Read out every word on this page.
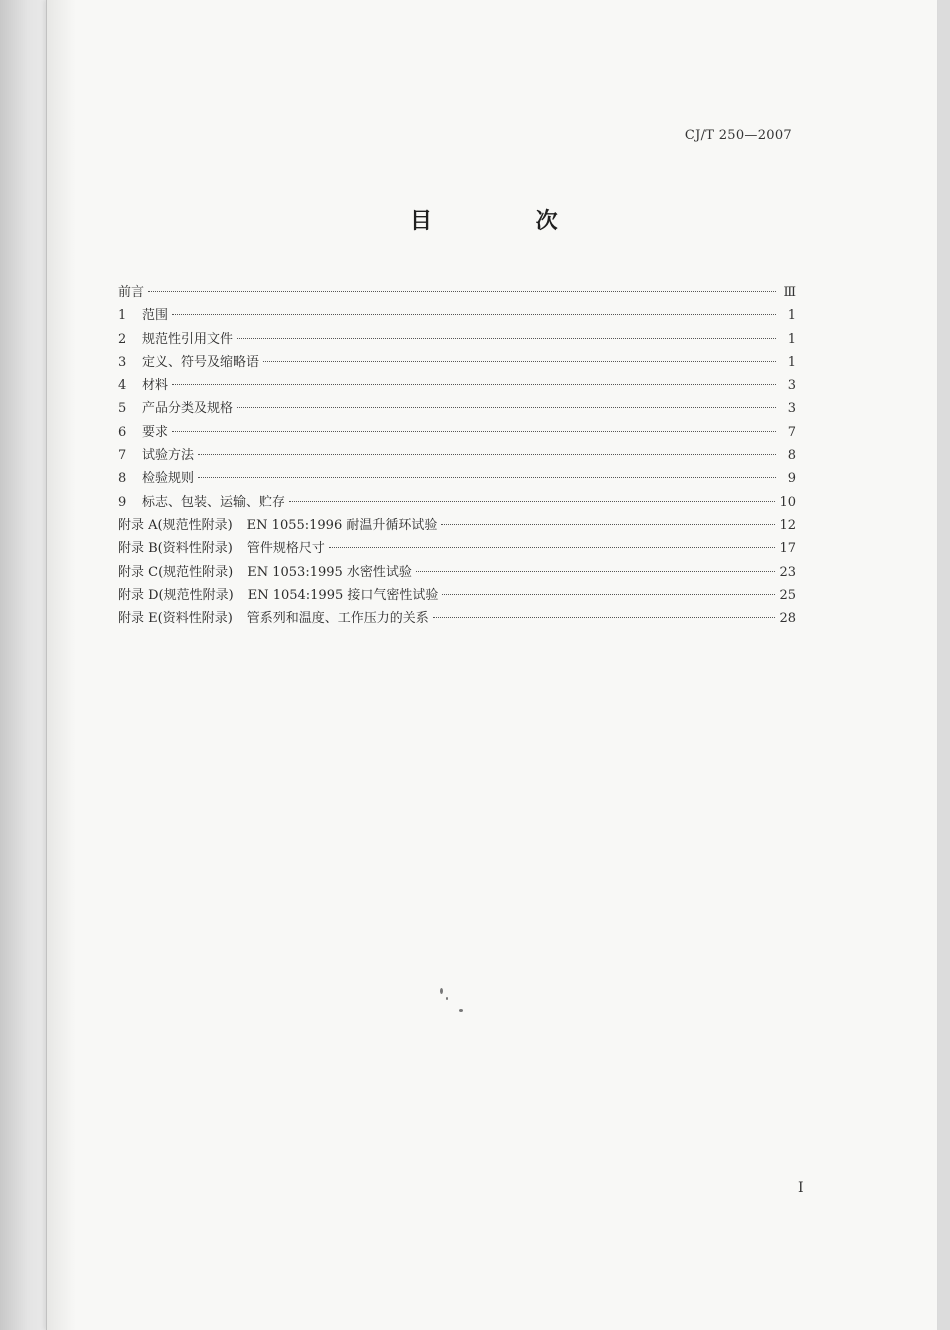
CJ/T 250—2007
目 次
前言	Ⅲ
1	范围	1
2	规范性引用文件	1
3	定义、符号及缩略语	1
4	材料	3
5	产品分类及规格	3
6	要求	7
7	试验方法	8
8	检验规则	9
9	标志、包装、运输、贮存	10
附录 A(规范性附录) EN 1055:1996 耐温升循环试验	12
附录 B(资料性附录) 管件规格尺寸	17
附录 C(规范性附录) EN 1053:1995 水密性试验	23
附录 D(规范性附录) EN 1054:1995 接口气密性试验	25
附录 E(资料性附录) 管系列和温度、工作压力的关系	28
I
